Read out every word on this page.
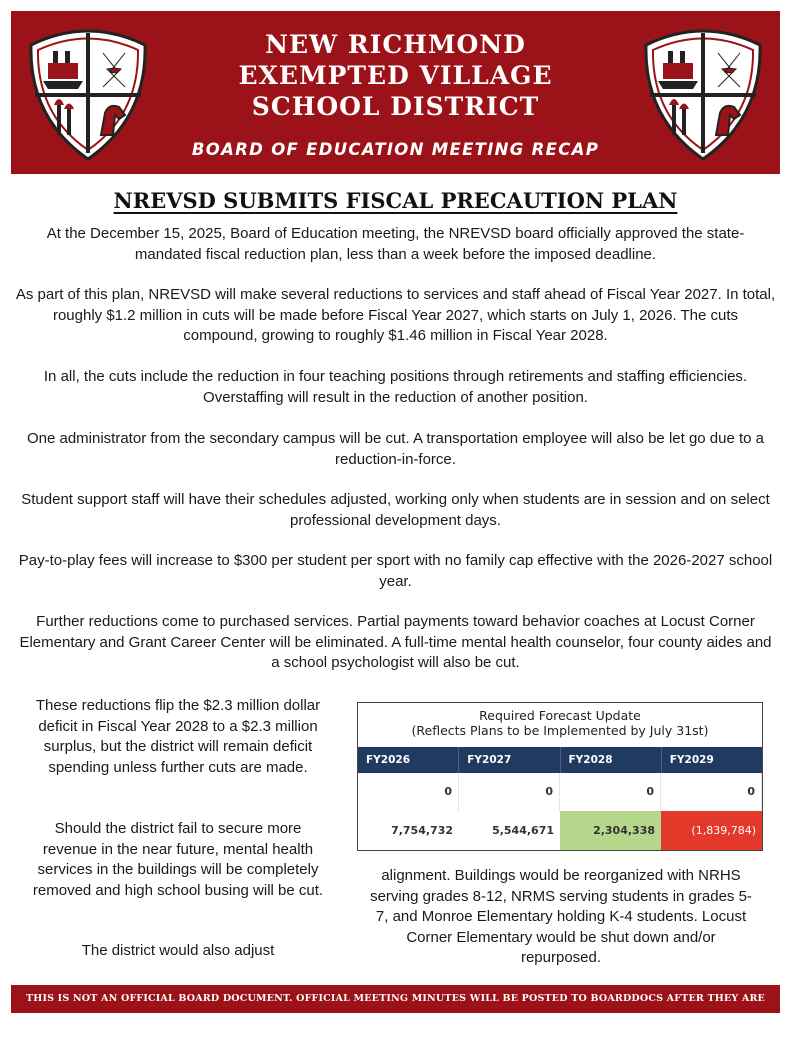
NEW RICHMOND
EXEMPTED VILLAGE
SCHOOL DISTRICT
BOARD OF EDUCATION MEETING RECAP
NREVSD SUBMITS FISCAL PRECAUTION PLAN

At the December 15, 2025, Board of Education meeting, the NREVSD board officially approved the state-mandated fiscal reduction plan, less than a week before the imposed deadline.

As part of this plan, NREVSD will make several reductions to services and staff ahead of Fiscal Year 2027. In total, roughly $1.2 million in cuts will be made before Fiscal Year 2027, which starts on July 1, 2026. The cuts compound, growing to roughly $1.46 million in Fiscal Year 2028.

In all, the cuts include the reduction in four teaching positions through retirements and staffing efficiencies. Overstaffing will result in the reduction of another position.

One administrator from the secondary campus will be cut. A transportation employee will also be let go due to a reduction-in-force.

Student support staff will have their schedules adjusted, working only when students are in session and on select professional development days.

Pay-to-play fees will increase to $300 per student per sport with no family cap effective with the 2026-2027 school year.

Further reductions come to purchased services. Partial payments toward behavior coaches at Locust Corner Elementary and Grant Career Center will be eliminated. A full-time mental health counselor, four county aides and a school psychologist will also be cut.

These reductions flip the $2.3 million dollar deficit in Fiscal Year 2028 to a $2.3 million surplus, but the district will remain deficit spending unless further cuts are made.
Should the district fail to secure more revenue in the near future, mental health services in the buildings will be completely removed and high school busing will be cut.
The district would also adjust
Required Forecast Update
(Reflects Plans to be Implemented by July 31st)
FY2026	FY2027	FY2028	FY2029
0	0	0	0
7,754,732	5,544,671	2,304,338	(1,839,784)
alignment. Buildings would be reorganized with NRHS serving grades 8-12, NRMS serving students in grades 5-7, and Monroe Elementary holding K-4 students. Locust Corner Elementary would be shut down and/or repurposed.
THIS IS NOT AN OFFICIAL BOARD DOCUMENT. OFFICIAL MEETING MINUTES WILL BE POSTED TO BOARDDOCS AFTER THEY ARE APPROVED.
